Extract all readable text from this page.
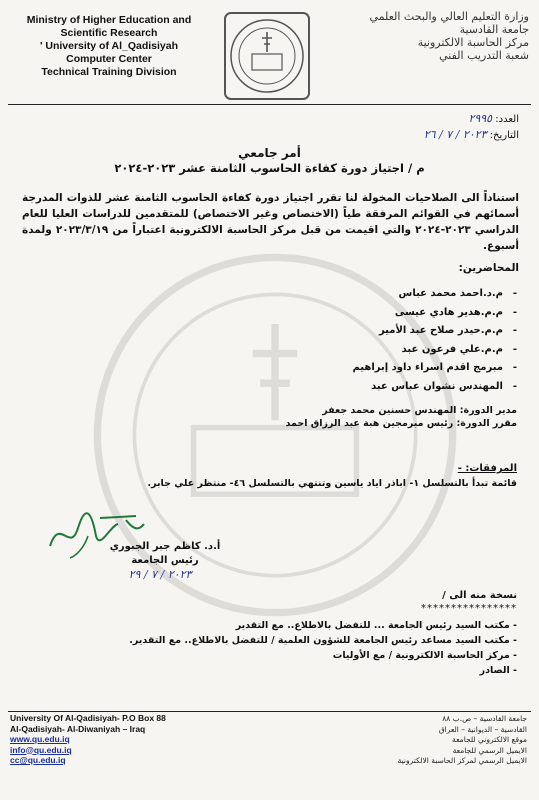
Ministry of Higher Education and
Scientific Research
' University of Al_Qadisiyah
Computer Center
Technical Training Division
وزارة التعليم العالي والبحث العلمي
جامعة القادسية
مركز الحاسبة الالكترونية
شعبة التدريب الفني
العدد: ٢٩٩٥
التاريخ: ٢٠٢٣ / ٧ / ٢٦
أمر جامعي
م / اجتياز دورة كفاءة الحاسوب الثامنة عشر ٢٠٢٣-٢٠٢٤
استناداً الى الصلاحيات المخولة لنا تقرر اجتياز دورة كفاءة الحاسوب الثامنة عشر للذوات المدرجة أسمائهم في القوائم المرفقة طياً (الاختصاص وغير الاختصاص) للمتقدمين للدراسات العليا للعام الدراسي ٢٠٢٣-٢٠٢٤ والتي اقيمت من قبل مركز الحاسبة الالكترونية اعتباراً من ٢٠٢٣/٣/١٩ ولمدة أسبوع.
المحاضرين:
-
م.د.احمد محمد عباس
-
م.م.هدير هادي عيسى
-
م.م.حيدر صلاح عبد الأمير
-
م.م.علي فرعون عبد
-
مبرمج اقدم اسراء داود إبراهيم
-
المهندس نشوان عباس عبد
مدير الدورة: المهندس حسنين محمد جعفر
مقرر الدورة: رئيس مبرمجين هبة عبد الرزاق احمد
المرفقات: -
قائمة تبدأ بالتسلسل ١- اباذر اياد ياسين وتنتهي بالتسلسل ٤٦- منتظر علي جابر.
أ.د. كاظم جبر الجبوري
رئيس الجامعة
٢٠٢٣ / ٧ / ٢٩
نسخة منه الى /
****************
- مكتب السيد رئيس الجامعة ... للتفضل بالاطلاع.. مع التقدير
- مكتب السيد مساعد رئيس الجامعة للشؤون العلمية / للتفضل بالاطلاع.. مع التقدير.
- مركز الحاسبة الالكترونية / مع الأوليات
- الصادر
University Of Al-Qadisiyah- P.O Box 88
Al-Qadisiyah- Al-Diwaniyah – Iraq
www.qu.edu.iq
info@qu.edu.iq
cc@qu.edu.iq
جامعة القادسية – ص.ب ٨٨
القادسية – الديوانية – العراق
موقع الالكتروني للجامعة
الايميل الرسمي للجامعة
الايميل الرسمي لمركز الحاسبة الالكترونية
